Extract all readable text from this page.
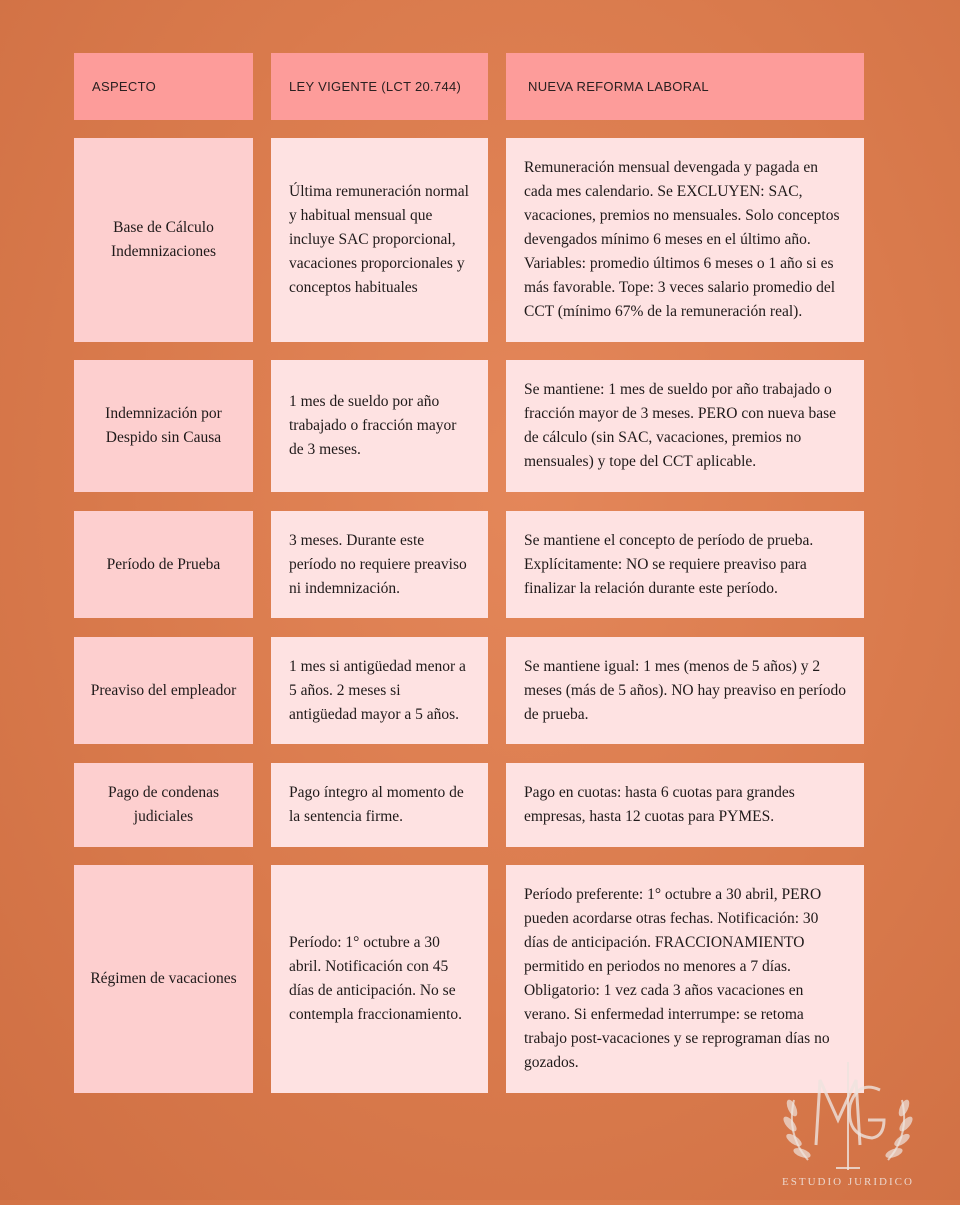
ASPECTO	LEY VIGENTE (LCT 20.744)	NUEVA REFORMA LABORAL
Base de Cálculo Indemnizaciones
Última remuneración normal y habitual mensual que incluye SAC proporcional, vacaciones proporcionales y conceptos habituales
Remuneración mensual devengada y pagada en cada mes calendario. Se EXCLUYEN: SAC, vacaciones, premios no mensuales. Solo conceptos devengados mínimo 6 meses en el último año. Variables: promedio últimos 6 meses o 1 año si es más favorable. Tope: 3 veces salario promedio del CCT (mínimo 67% de la remuneración real).
Indemnización por Despido sin Causa
1 mes de sueldo por año trabajado o fracción mayor de 3 meses.
Se mantiene: 1 mes de sueldo por año trabajado o fracción mayor de 3 meses. PERO con nueva base de cálculo (sin SAC, vacaciones, premios no mensuales) y tope del CCT aplicable.
Período de Prueba
3 meses. Durante este período no requiere preaviso ni indemnización.
Se mantiene el concepto de período de prueba. Explícitamente: NO se requiere preaviso para finalizar la relación durante este período.
Preaviso del empleador
1 mes si antigüedad menor a 5 años. 2 meses si antigüedad mayor a 5 años.
Se mantiene igual: 1 mes (menos de 5 años) y 2 meses (más de 5 años). NO hay preaviso en período de prueba.
Pago de condenas judiciales
Pago íntegro al momento de la sentencia firme.
Pago en cuotas: hasta 6 cuotas para grandes empresas, hasta 12 cuotas para PYMES.
Régimen de vacaciones
Período: 1° octubre a 30 abril. Notificación con 45 días de anticipación. No se contempla fraccionamiento.
Período preferente: 1° octubre a 30 abril, PERO pueden acordarse otras fechas. Notificación: 30 días de anticipación. FRACCIONAMIENTO permitido en periodos no menores a 7 días. Obligatorio: 1 vez cada 3 años vacaciones en verano. Si enfermedad interrumpe: se retoma trabajo post-vacaciones y se reprograman días no gozados.
ESTUDIO JURIDICO
